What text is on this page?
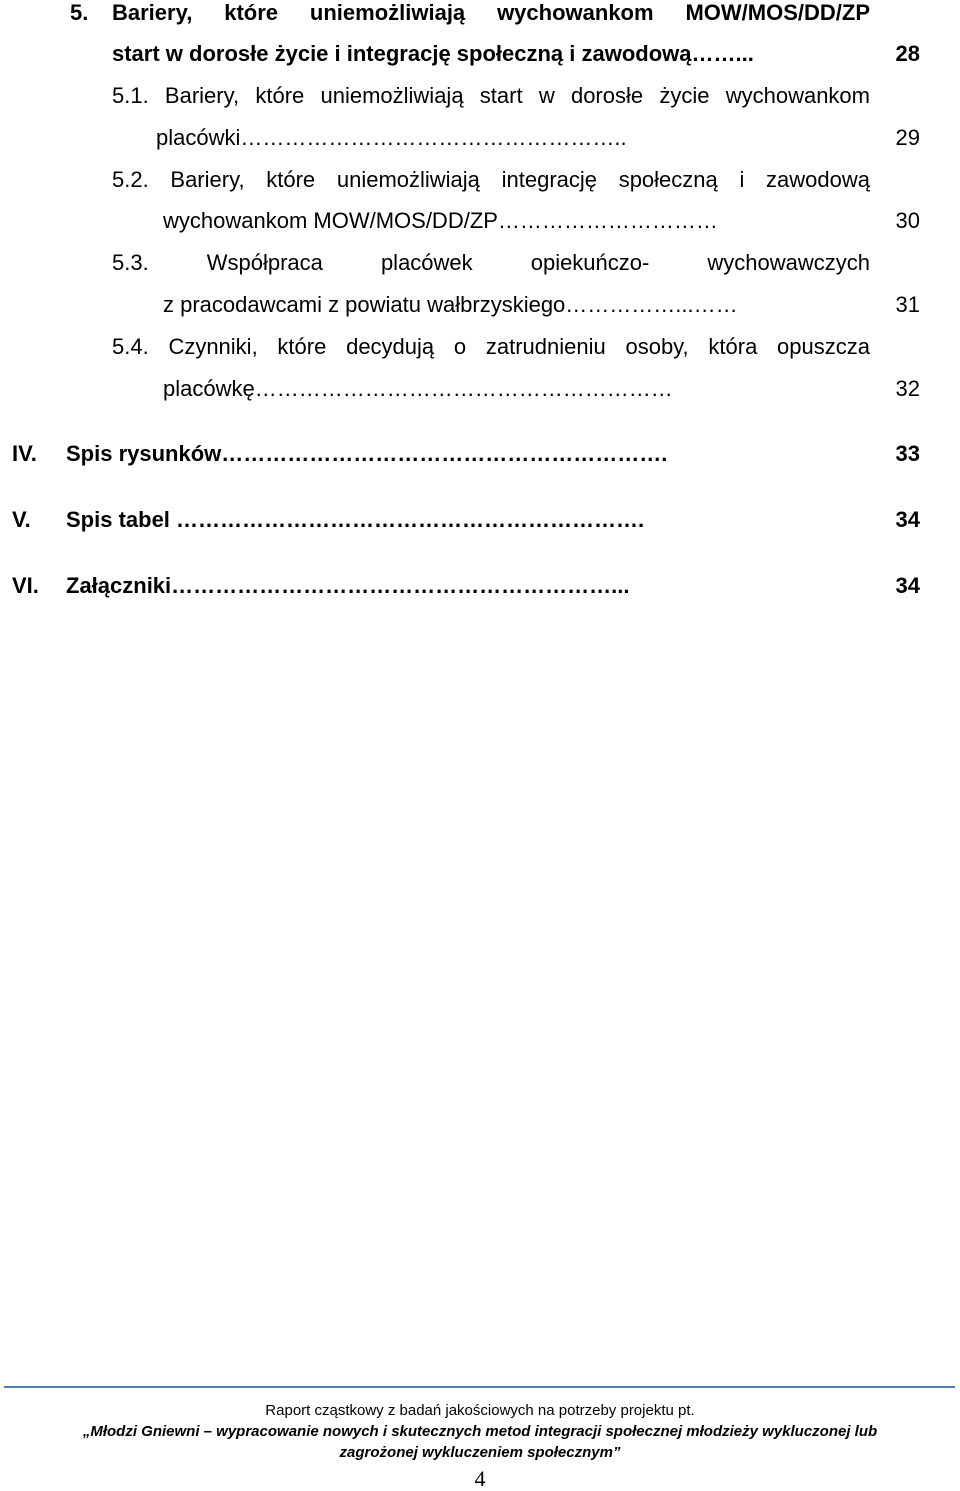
5. Bariery, które uniemożliwiają wychowankom MOW/MOS/DD/ZP
start w dorosłe życie i integrację społeczną i zawodową……...	28
5.1. Bariery, które uniemożliwiają start w dorosłe życie wychowankom
placówki……………………………………………..	29
5.2. Bariery, które uniemożliwiają integrację społeczną i zawodową
wychowankom MOW/MOS/DD/ZP…………………………	30
5.3. Współpraca placówek opiekuńczo- wychowawczych
z pracodawcami z powiatu wałbrzyskiego……………...……	31
5.4. Czynniki, które decydują o zatrudnieniu osoby, która opuszcza
placówkę…………………………………………………	32
IV. Spis rysunków…………………………………………………….	33
V. Spis tabel ……………………………………………………….	34
VI. Załączniki……………………………………………………...	34
Raport cząstkowy z badań jakościowych na potrzeby projektu pt.
„Młodzi Gniewni – wypracowanie nowych i skutecznych metod integracji społecznej młodzieży wykluczonej lub
zagrożonej wykluczeniem społecznym”
4
